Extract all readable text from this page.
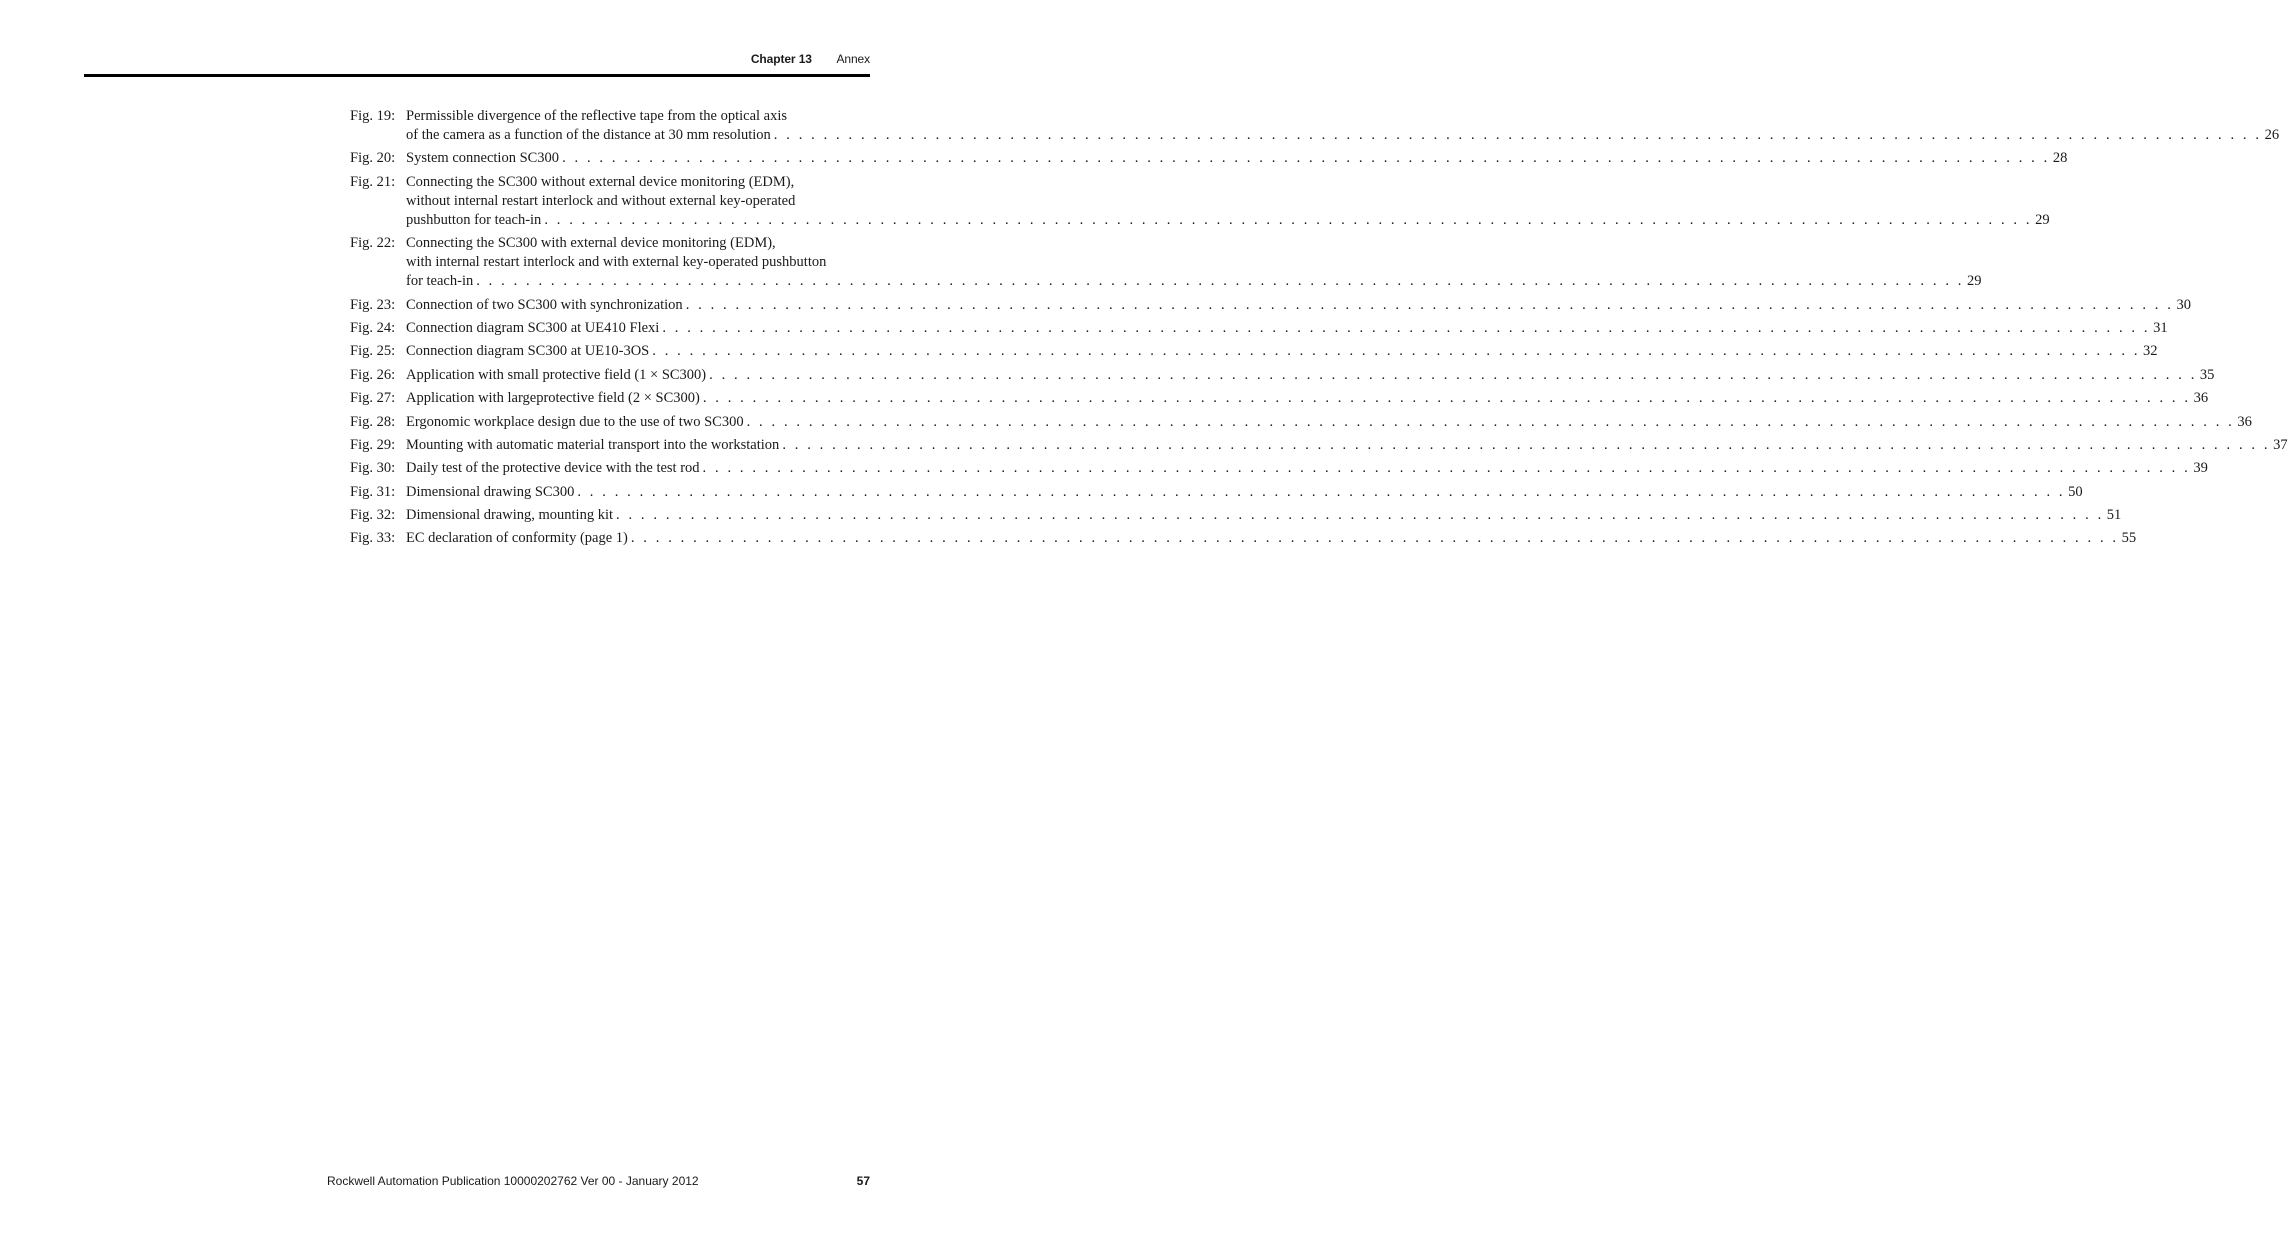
Chapter 13 Annex
Fig. 19: Permissible divergence of the reflective tape from the optical axis
of the camera as a function of the distance at 30 mm resolution . . . . . . . . . . . . . . . . . . . . . . . . . . . . . . . . . . . . . . . . . . . . . . . . . . . . . . . . . . . . . . . . . . . . . . . . . . . . . . . . . . . . . . . . . . . . . . . . . . . . . . . . . . . . . . . . . . . . . . . . 26
Fig. 20: System connection SC300 . . . . . . . . . . . . . . . . . . . . . . . . . . . . . . . . . . . . . . . . . . . . . . . . . . . . . . . . . . . . . . . . . . . . . . . . . . . . . . . . . . . . . . . . . . . . . . . . . . . . . . . . . . . . . . . . . . . . . . . . 28
Fig. 21: Connecting the SC300 without external device monitoring (EDM),
without internal restart interlock and without external key-operated
pushbutton for teach-in . . . . . . . . . . . . . . . . . . . . . . . . . . . . . . . . . . . . . . . . . . . . . . . . . . . . . . . . . . . . . . . . . . . . . . . . . . . . . . . . . . . . . . . . . . . . . . . . . . . . . . . . . . . . . . . . . . . . . . . . 29
Fig. 22: Connecting the SC300 with external device monitoring (EDM),
with internal restart interlock and with external key-operated pushbutton
for teach-in . . . . . . . . . . . . . . . . . . . . . . . . . . . . . . . . . . . . . . . . . . . . . . . . . . . . . . . . . . . . . . . . . . . . . . . . . . . . . . . . . . . . . . . . . . . . . . . . . . . . . . . . . . . . . . . . . . . . . . . . 29
Fig. 23: Connection of two SC300 with synchronization . . . . . . . . . . . . . . . . . . . . . . . . . . . . . . . . . . . . . . . . . . . . . . . . . . . . . . . . . . . . . . . . . . . . . . . . . . . . . . . . . . . . . . . . . . . . . . . . . . . . . . . . . . . . . . . . . . . . . . . . 30
Fig. 24: Connection diagram SC300 at UE410 Flexi . . . . . . . . . . . . . . . . . . . . . . . . . . . . . . . . . . . . . . . . . . . . . . . . . . . . . . . . . . . . . . . . . . . . . . . . . . . . . . . . . . . . . . . . . . . . . . . . . . . . . . . . . . . . . . . . . . . . . . . . 31
Fig. 25: Connection diagram SC300 at UE10-3OS . . . . . . . . . . . . . . . . . . . . . . . . . . . . . . . . . . . . . . . . . . . . . . . . . . . . . . . . . . . . . . . . . . . . . . . . . . . . . . . . . . . . . . . . . . . . . . . . . . . . . . . . . . . . . . . . . . . . . . . . 32
Fig. 26: Application with small protective field (1 × SC300) . . . . . . . . . . . . . . . . . . . . . . . . . . . . . . . . . . . . . . . . . . . . . . . . . . . . . . . . . . . . . . . . . . . . . . . . . . . . . . . . . . . . . . . . . . . . . . . . . . . . . . . . . . . . . . . . . . . . . . . . 35
Fig. 27: Application with largeprotective field (2 × SC300) . . . . . . . . . . . . . . . . . . . . . . . . . . . . . . . . . . . . . . . . . . . . . . . . . . . . . . . . . . . . . . . . . . . . . . . . . . . . . . . . . . . . . . . . . . . . . . . . . . . . . . . . . . . . . . . . . . . . . . . . 36
Fig. 28: Ergonomic workplace design due to the use of two SC300 . . . . . . . . . . . . . . . . . . . . . . . . . . . . . . . . . . . . . . . . . . . . . . . . . . . . . . . . . . . . . . . . . . . . . . . . . . . . . . . . . . . . . . . . . . . . . . . . . . . . . . . . . . . . . . . . . . . . . . . . 36
Fig. 29: Mounting with automatic material transport into the workstation . . . . . . . . . . . . . . . . . . . . . . . . . . . . . . . . . . . . . . . . . . . . . . . . . . . . . . . . . . . . . . . . . . . . . . . . . . . . . . . . . . . . . . . . . . . . . . . . . . . . . . . . . . . . . . . . . . . . . . . . 37
Fig. 30: Daily test of the protective device with the test rod . . . . . . . . . . . . . . . . . . . . . . . . . . . . . . . . . . . . . . . . . . . . . . . . . . . . . . . . . . . . . . . . . . . . . . . . . . . . . . . . . . . . . . . . . . . . . . . . . . . . . . . . . . . . . . . . . . . . . . . . 39
Fig. 31: Dimensional drawing SC300 . . . . . . . . . . . . . . . . . . . . . . . . . . . . . . . . . . . . . . . . . . . . . . . . . . . . . . . . . . . . . . . . . . . . . . . . . . . . . . . . . . . . . . . . . . . . . . . . . . . . . . . . . . . . . . . . . . . . . . . . 50
Fig. 32: Dimensional drawing, mounting kit . . . . . . . . . . . . . . . . . . . . . . . . . . . . . . . . . . . . . . . . . . . . . . . . . . . . . . . . . . . . . . . . . . . . . . . . . . . . . . . . . . . . . . . . . . . . . . . . . . . . . . . . . . . . . . . . . . . . . . . . 51
Fig. 33: EC declaration of conformity (page 1) . . . . . . . . . . . . . . . . . . . . . . . . . . . . . . . . . . . . . . . . . . . . . . . . . . . . . . . . . . . . . . . . . . . . . . . . . . . . . . . . . . . . . . . . . . . . . . . . . . . . . . . . . . . . . . . . . . . . . . . . 55
Rockwell Automation Publication 10000202762 Ver 00 - January 2012	57
